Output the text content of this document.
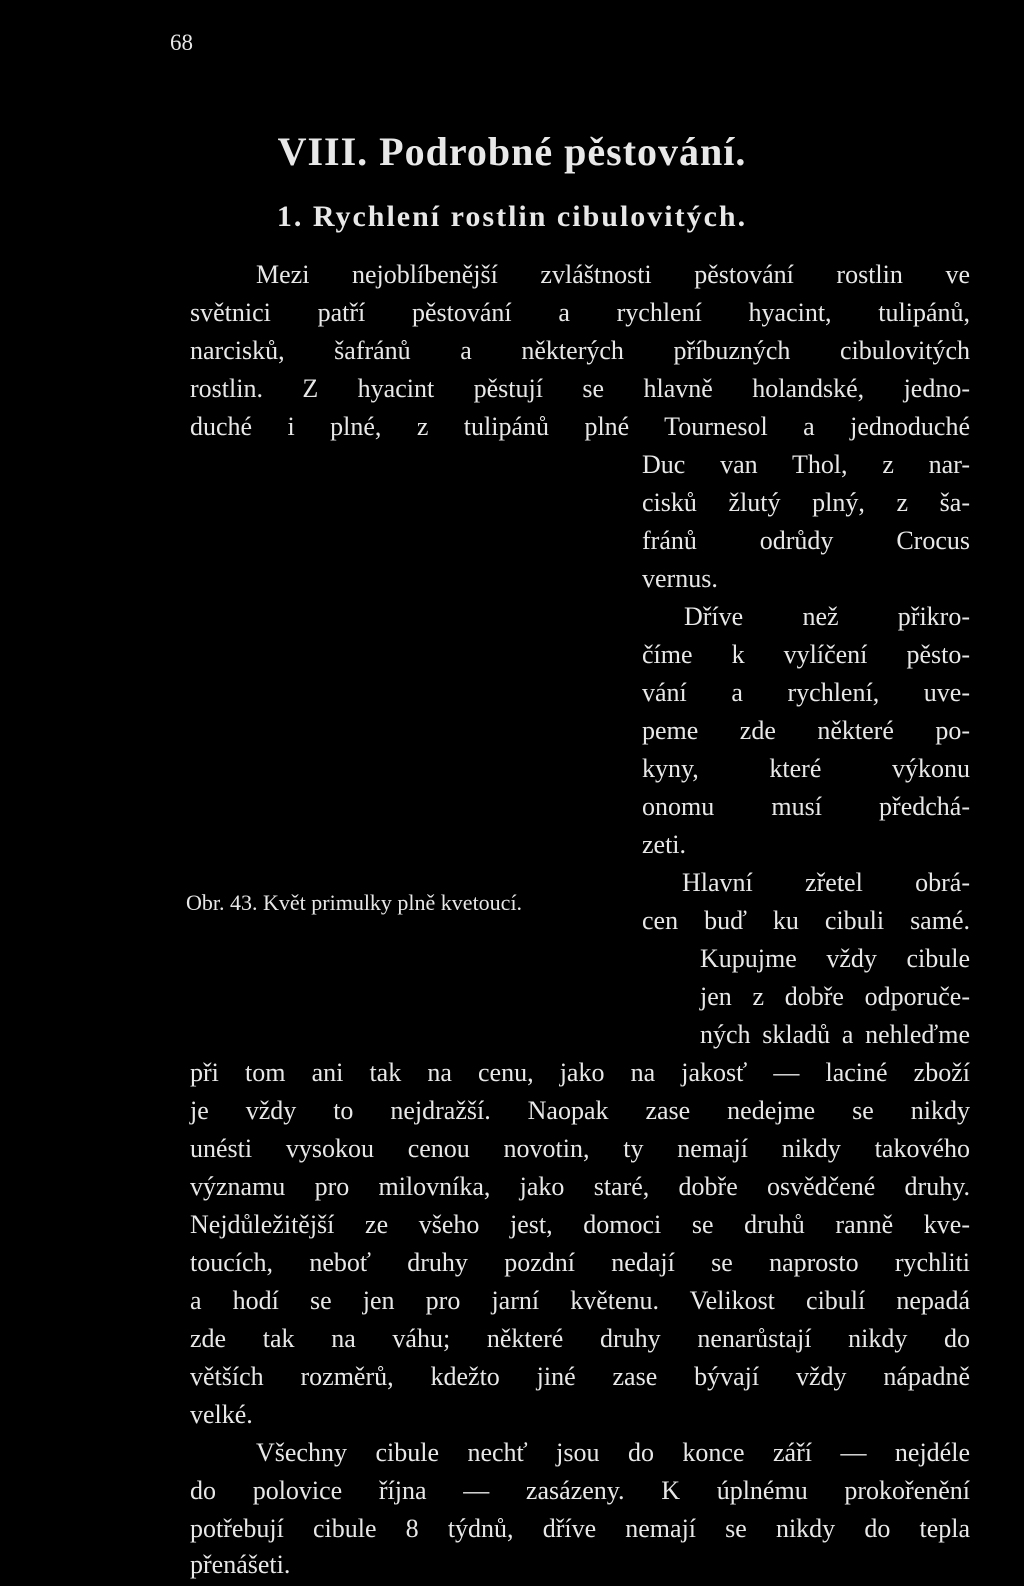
68
VIII. Podrobné pěstování.
1. Rychlení rostlin cibulovitých.
Obr. 43. Květ primulky plně kvetoucí.
Mezi nejoblíbenější zvláštnosti pěstování rostlin ve
světnici patří pěstování a rychlení hyacint, tulipánů,
narcisků, šafránů a některých příbuzných cibulovitých
rostlin. Z hyacint pěstují se hlavně holandské, jedno-
duché i plné, z tulipánů plné Tournesol a jednoduché
Duc van Thol, z nar-
cisků žlutý plný, z ša-
fránů odrůdy Crocus
vernus.
Dříve než přikro-
číme k vylíčení pěsto-
vání a rychlení, uve-
peme zde některé po-
kyny, které výkonu
onomu musí předchá-
zeti.
Hlavní zřetel obrá-
cen buď ku cibuli samé.
Kupujme vždy cibule
jen z dobře odporuče-
ných skladů a nehleďme
při tom ani tak na cenu, jako na jakosť — laciné zboží
je vždy to nejdražší. Naopak zase nedejme se nikdy
unésti vysokou cenou novotin, ty nemají nikdy takového
významu pro milovníka, jako staré, dobře osvědčené druhy.
Nejdůležitější ze všeho jest, domoci se druhů ranně kve-
toucích, neboť druhy pozdní nedají se naprosto rychliti
a hodí se jen pro jarní květenu. Velikost cibulí nepadá
zde tak na váhu; některé druhy nenarůstají nikdy do
větších rozměrů, kdežto jiné zase bývají vždy nápadně
velké.
Všechny cibule nechť jsou do konce září — nejdéle
do polovice října — zasázeny. K úplnému prokořenění
potřebují cibule 8 týdnů, dříve nemají se nikdy do tepla
přenášeti.
